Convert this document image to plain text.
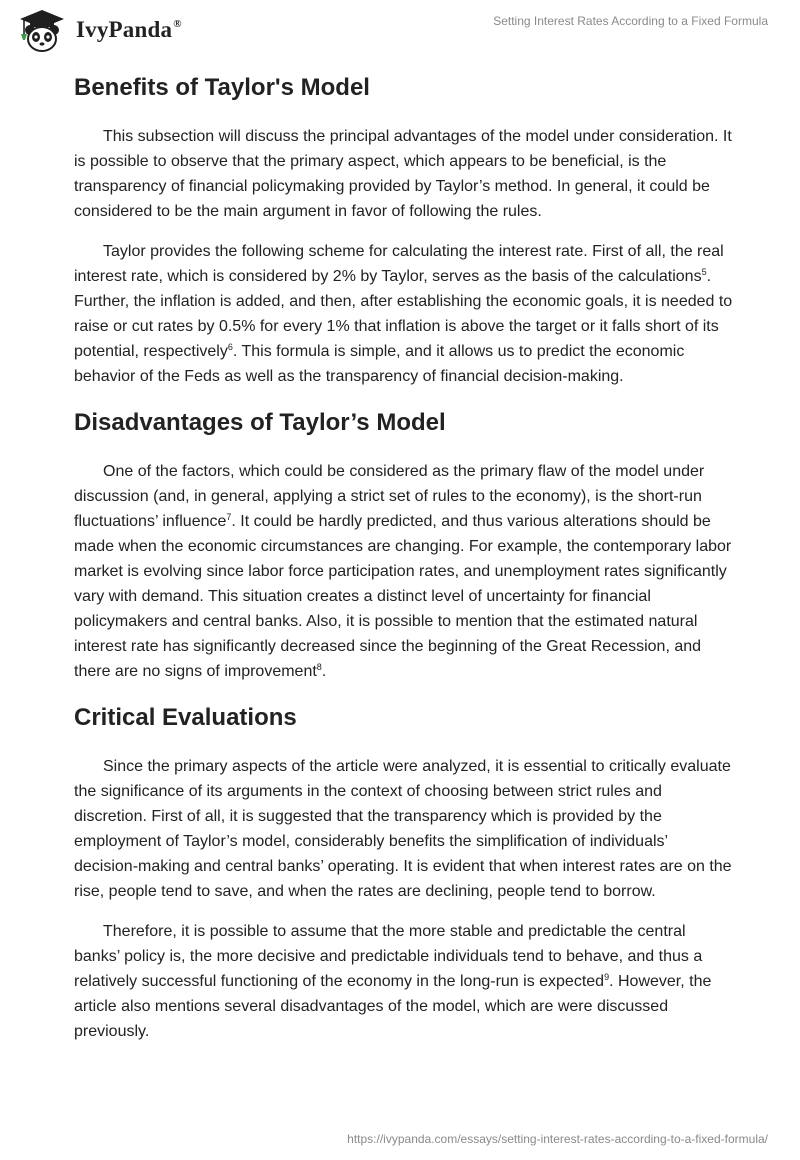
IvyPanda®	Setting Interest Rates According to a Fixed Formula
Benefits of Taylor's Model

This subsection will discuss the principal advantages of the model under consideration. It is possible to observe that the primary aspect, which appears to be beneficial, is the transparency of financial policymaking provided by Taylor’s method. In general, it could be considered to be the main argument in favor of following the rules.

Taylor provides the following scheme for calculating the interest rate. First of all, the real interest rate, which is considered by 2% by Taylor, serves as the basis of the calculations$^5$. Further, the inflation is added, and then, after establishing the economic goals, it is needed to raise or cut rates by 0.5% for every 1% that inflation is above the target or it falls short of its potential, respectively$^6$. This formula is simple, and it allows us to predict the economic behavior of the Feds as well as the transparency of financial decision-making.

Disadvantages of Taylor’s Model

One of the factors, which could be considered as the primary flaw of the model under discussion (and, in general, applying a strict set of rules to the economy), is the short-run fluctuations’ influence$^7$. It could be hardly predicted, and thus various alterations should be made when the economic circumstances are changing. For example, the contemporary labor market is evolving since labor force participation rates, and unemployment rates significantly vary with demand. This situation creates a distinct level of uncertainty for financial policymakers and central banks. Also, it is possible to mention that the estimated natural interest rate has significantly decreased since the beginning of the Great Recession, and there are no signs of improvement$^8$.

Critical Evaluations

Since the primary aspects of the article were analyzed, it is essential to critically evaluate the significance of its arguments in the context of choosing between strict rules and discretion. First of all, it is suggested that the transparency which is provided by the employment of Taylor’s model, considerably benefits the simplification of individuals’ decision-making and central banks’ operating. It is evident that when interest rates are on the rise, people tend to save, and when the rates are declining, people tend to borrow.

Therefore, it is possible to assume that the more stable and predictable the central banks’ policy is, the more decisive and predictable individuals tend to behave, and thus a relatively successful functioning of the economy in the long-run is expected$^9$. However, the article also mentions several disadvantages of the model, which are were discussed previously.

https://ivypanda.com/essays/setting-interest-rates-according-to-a-fixed-formula/
